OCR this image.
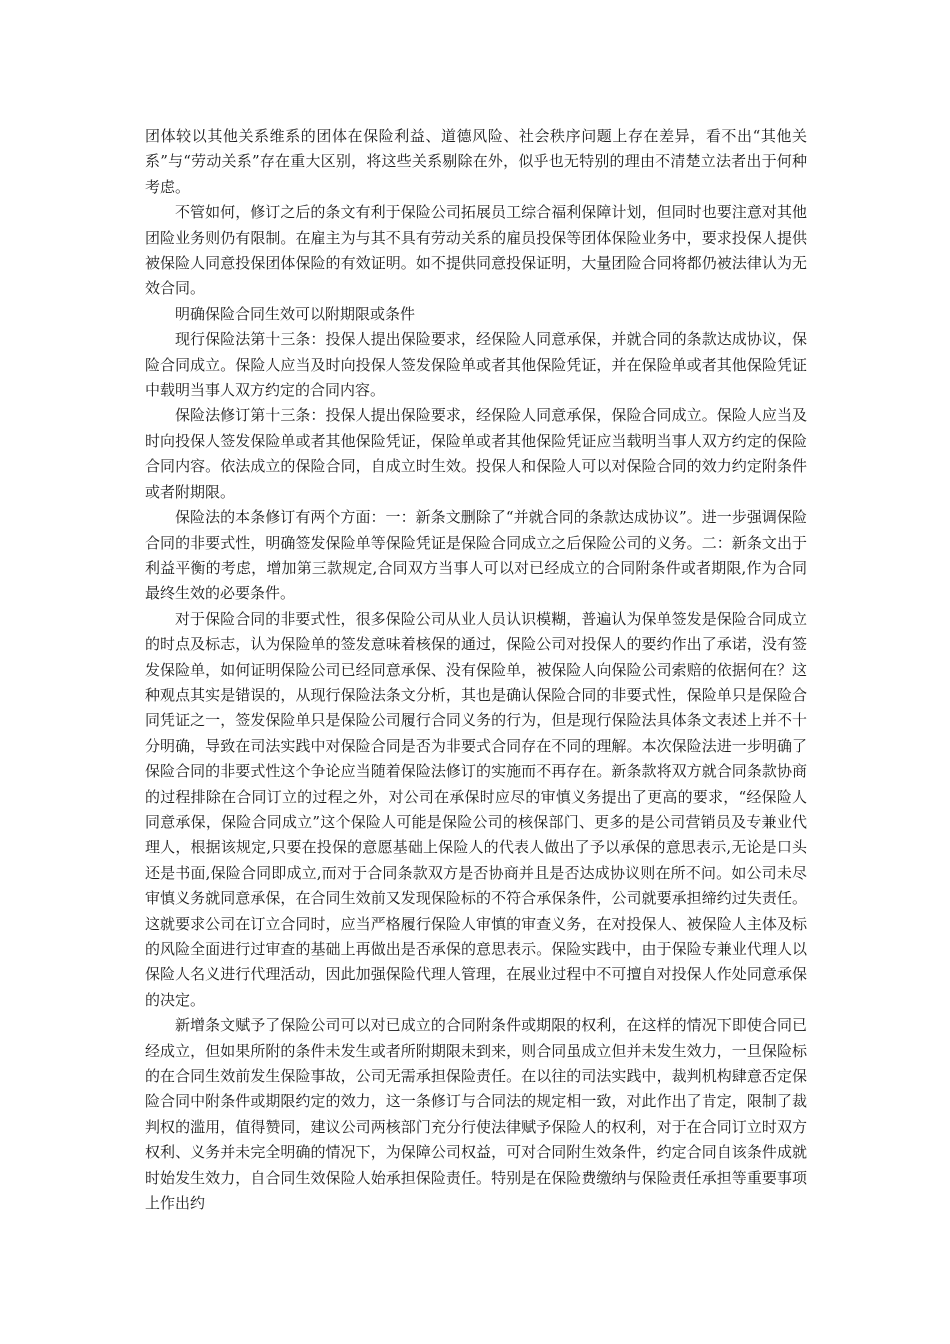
团体较以其他关系维系的团体在保险利益、道德风险、社会秩序问题上存在差异，看不出“其他关系”与“劳动关系”存在重大区别，将这些关系剔除在外，似乎也无特别的理由不清楚立法者出于何种考虑。

不管如何，修订之后的条文有利于保险公司拓展员工综合福利保障计划，但同时也要注意对其他团险业务则仍有限制。在雇主为与其不具有劳动关系的雇员投保等团体保险业务中，要求投保人提供被保险人同意投保团体保险的有效证明。如不提供同意投保证明，大量团险合同将都仍被法律认为无效合同。

明确保险合同生效可以附期限或条件

现行保险法第十三条：投保人提出保险要求，经保险人同意承保，并就合同的条款达成协议，保险合同成立。保险人应当及时向投保人签发保险单或者其他保险凭证，并在保险单或者其他保险凭证中载明当事人双方约定的合同内容。

保险法修订第十三条：投保人提出保险要求，经保险人同意承保，保险合同成立。保险人应当及时向投保人签发保险单或者其他保险凭证，保险单或者其他保险凭证应当载明当事人双方约定的保险合同内容。依法成立的保险合同，自成立时生效。投保人和保险人可以对保险合同的效力约定附条件或者附期限。

保险法的本条修订有两个方面：一：新条文删除了“并就合同的条款达成协议”。进一步强调保险合同的非要式性，明确签发保险单等保险凭证是保险合同成立之后保险公司的义务。二：新条文出于利益平衡的考虑，增加第三款规定,合同双方当事人可以对已经成立的合同附条件或者期限,作为合同最终生效的必要条件。

对于保险合同的非要式性，很多保险公司从业人员认识模糊，普遍认为保单签发是保险合同成立的时点及标志，认为保险单的签发意味着核保的通过，保险公司对投保人的要约作出了承诺，没有签发保险单，如何证明保险公司已经同意承保、没有保险单，被保险人向保险公司索赔的依据何在？这种观点其实是错误的，从现行保险法条文分析，其也是确认保险合同的非要式性，保险单只是保险合同凭证之一，签发保险单只是保险公司履行合同义务的行为，但是现行保险法具体条文表述上并不十分明确，导致在司法实践中对保险合同是否为非要式合同存在不同的理解。本次保险法进一步明确了保险合同的非要式性这个争论应当随着保险法修订的实施而不再存在。新条款将双方就合同条款协商的过程排除在合同订立的过程之外，对公司在承保时应尽的审慎义务提出了更高的要求，“经保险人同意承保，保险合同成立”这个保险人可能是保险公司的核保部门、更多的是公司营销员及专兼业代理人，根据该规定,只要在投保的意愿基础上保险人的代表人做出了予以承保的意思表示,无论是口头还是书面,保险合同即成立,而对于合同条款双方是否协商并且是否达成协议则在所不问。如公司未尽审慎义务就同意承保，在合同生效前又发现保险标的不符合承保条件，公司就要承担缔约过失责任。这就要求公司在订立合同时，应当严格履行保险人审慎的审查义务，在对投保人、被保险人主体及标的风险全面进行过审查的基础上再做出是否承保的意思表示。保险实践中，由于保险专兼业代理人以保险人名义进行代理活动，因此加强保险代理人管理，在展业过程中不可擅自对投保人作处同意承保的决定。

新增条文赋予了保险公司可以对已成立的合同附条件或期限的权利，在这样的情况下即使合同已经成立，但如果所附的条件未发生或者所附期限未到来，则合同虽成立但并未发生效力，一旦保险标的在合同生效前发生保险事故，公司无需承担保险责任。在以往的司法实践中，裁判机构肆意否定保险合同中附条件或期限约定的效力，这一条修订与合同法的规定相一致，对此作出了肯定，限制了裁判权的滥用，值得赞同，建议公司两核部门充分行使法律赋予保险人的权利，对于在合同订立时双方权利、义务并未完全明确的情况下，为保障公司权益，可对合同附生效条件，约定合同自该条件成就时始发生效力，自合同生效保险人始承担保险责任。特别是在保险费缴纳与保险责任承担等重要事项上作出约
